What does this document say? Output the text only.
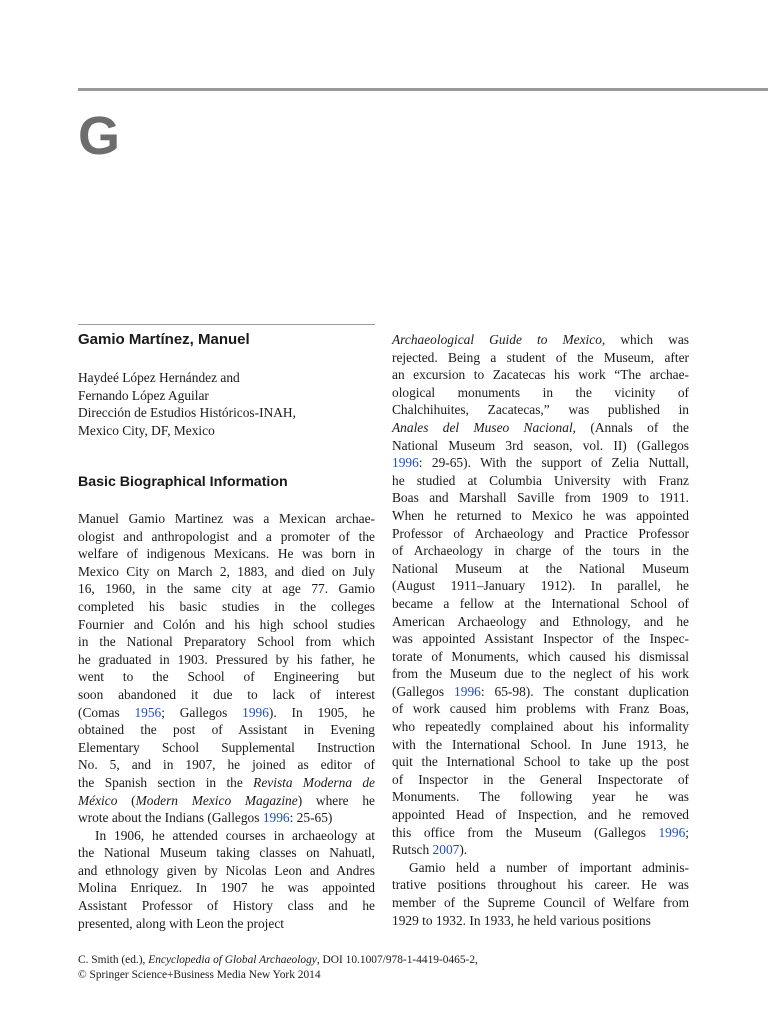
G
Gamio Martínez, Manuel
Haydeé López Hernández and
Fernando López Aguilar
Dirección de Estudios Históricos-INAH,
Mexico City, DF, Mexico
Basic Biographical Information
Manuel Gamio Martinez was a Mexican archae-
ologist and anthropologist and a promoter of the
welfare of indigenous Mexicans. He was born in
Mexico City on March 2, 1883, and died on July
16, 1960, in the same city at age 77. Gamio
completed his basic studies in the colleges
Fournier and Colón and his high school studies
in the National Preparatory School from which
he graduated in 1903. Pressured by his father, he
went to the School of Engineering but
soon abandoned it due to lack of interest
(Comas 1956; Gallegos 1996). In 1905, he
obtained the post of Assistant in Evening
Elementary School Supplemental Instruction
No. 5, and in 1907, he joined as editor of
the Spanish section in the Revista Moderna de
México (Modern Mexico Magazine) where he
wrote about the Indians (Gallegos 1996: 25-65)
In 1906, he attended courses in archaeology at
the National Museum taking classes on Nahuatl,
and ethnology given by Nicolas Leon and Andres
Molina Enriquez. In 1907 he was appointed
Assistant Professor of History class and he
presented, along with Leon the project
Archaeological Guide to Mexico, which was
rejected. Being a student of the Museum, after
an excursion to Zacatecas his work “The archae-
ological monuments in the vicinity of
Chalchihuites, Zacatecas,” was published in
Anales del Museo Nacional, (Annals of the
National Museum 3rd season, vol. II) (Gallegos
1996: 29-65). With the support of Zelia Nuttall,
he studied at Columbia University with Franz
Boas and Marshall Saville from 1909 to 1911.
When he returned to Mexico he was appointed
Professor of Archaeology and Practice Professor
of Archaeology in charge of the tours in the
National Museum at the National Museum
(August 1911–January 1912). In parallel, he
became a fellow at the International School of
American Archaeology and Ethnology, and he
was appointed Assistant Inspector of the Inspec-
torate of Monuments, which caused his dismissal
from the Museum due to the neglect of his work
(Gallegos 1996: 65-98). The constant duplication
of work caused him problems with Franz Boas,
who repeatedly complained about his informality
with the International School. In June 1913, he
quit the International School to take up the post
of Inspector in the General Inspectorate of
Monuments. The following year he was
appointed Head of Inspection, and he removed
this office from the Museum (Gallegos 1996;
Rutsch 2007).
Gamio held a number of important adminis-
trative positions throughout his career. He was
member of the Supreme Council of Welfare from
1929 to 1932. In 1933, he held various positions
C. Smith (ed.), Encyclopedia of Global Archaeology, DOI 10.1007/978-1-4419-0465-2,
© Springer Science+Business Media New York 2014
